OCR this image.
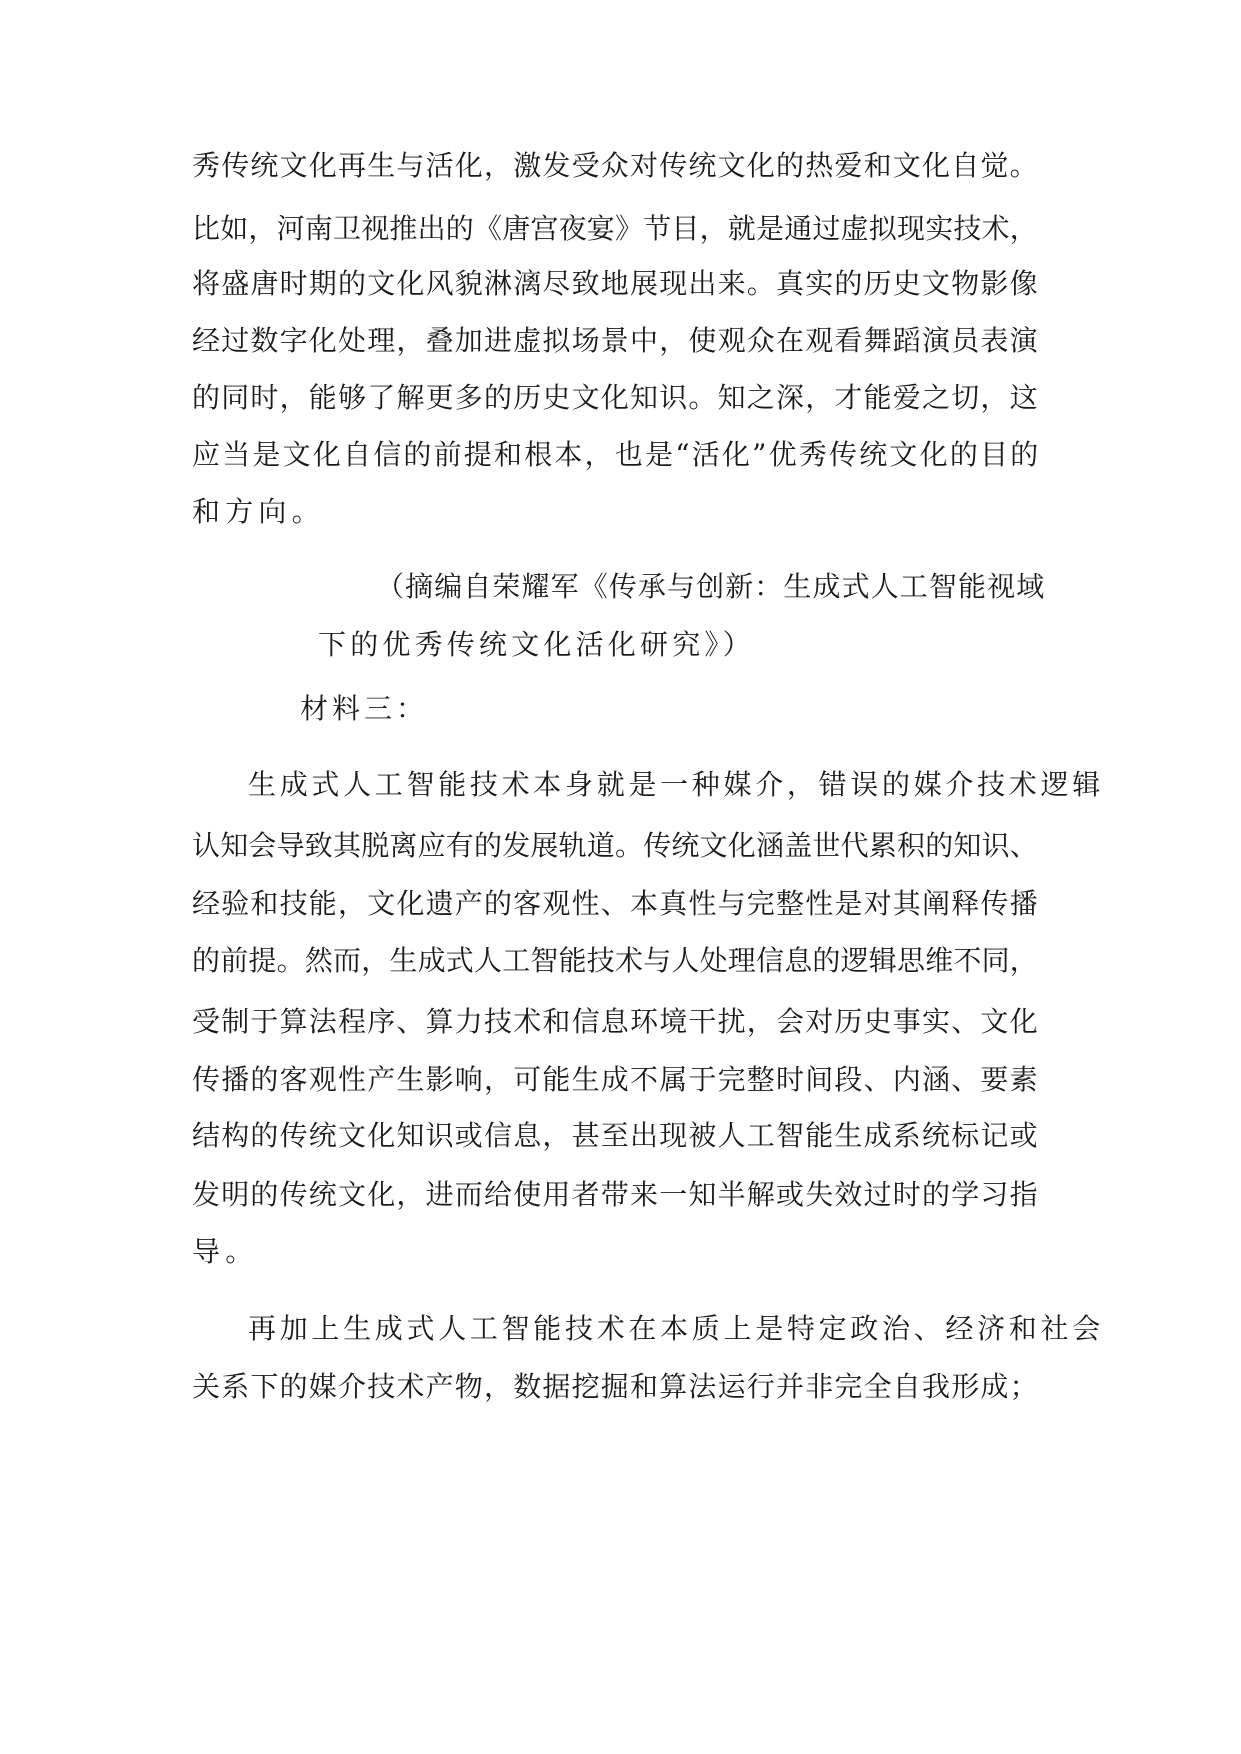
秀传统文化再生与活化，激发受众对传统文化的热爱和文化自觉。
比如，河南卫视推出的《唐宫夜宴》节目，就是通过虚拟现实技术，
将盛唐时期的文化风貌淋漓尽致地展现出来。真实的历史文物影像
经过数字化处理，叠加进虚拟场景中，使观众在观看舞蹈演员表演
的同时，能够了解更多的历史文化知识。知之深，才能爱之切，这
应当是文化自信的前提和根本，也是“活化”优秀传统文化的目的
和方向。
（摘编自荣耀军《传承与创新：生成式人工智能视域
下的优秀传统文化活化研究》）
材料三：
生成式人工智能技术本身就是一种媒介，错误的媒介技术逻辑
认知会导致其脱离应有的发展轨道。传统文化涵盖世代累积的知识、
经验和技能，文化遗产的客观性、本真性与完整性是对其阐释传播
的前提。然而，生成式人工智能技术与人处理信息的逻辑思维不同，
受制于算法程序、算力技术和信息环境干扰，会对历史事实、文化
传播的客观性产生影响，可能生成不属于完整时间段、内涵、要素
结构的传统文化知识或信息，甚至出现被人工智能生成系统标记或
发明的传统文化，进而给使用者带来一知半解或失效过时的学习指
导。
再加上生成式人工智能技术在本质上是特定政治、经济和社会
关系下的媒介技术产物，数据挖掘和算法运行并非完全自我形成；
